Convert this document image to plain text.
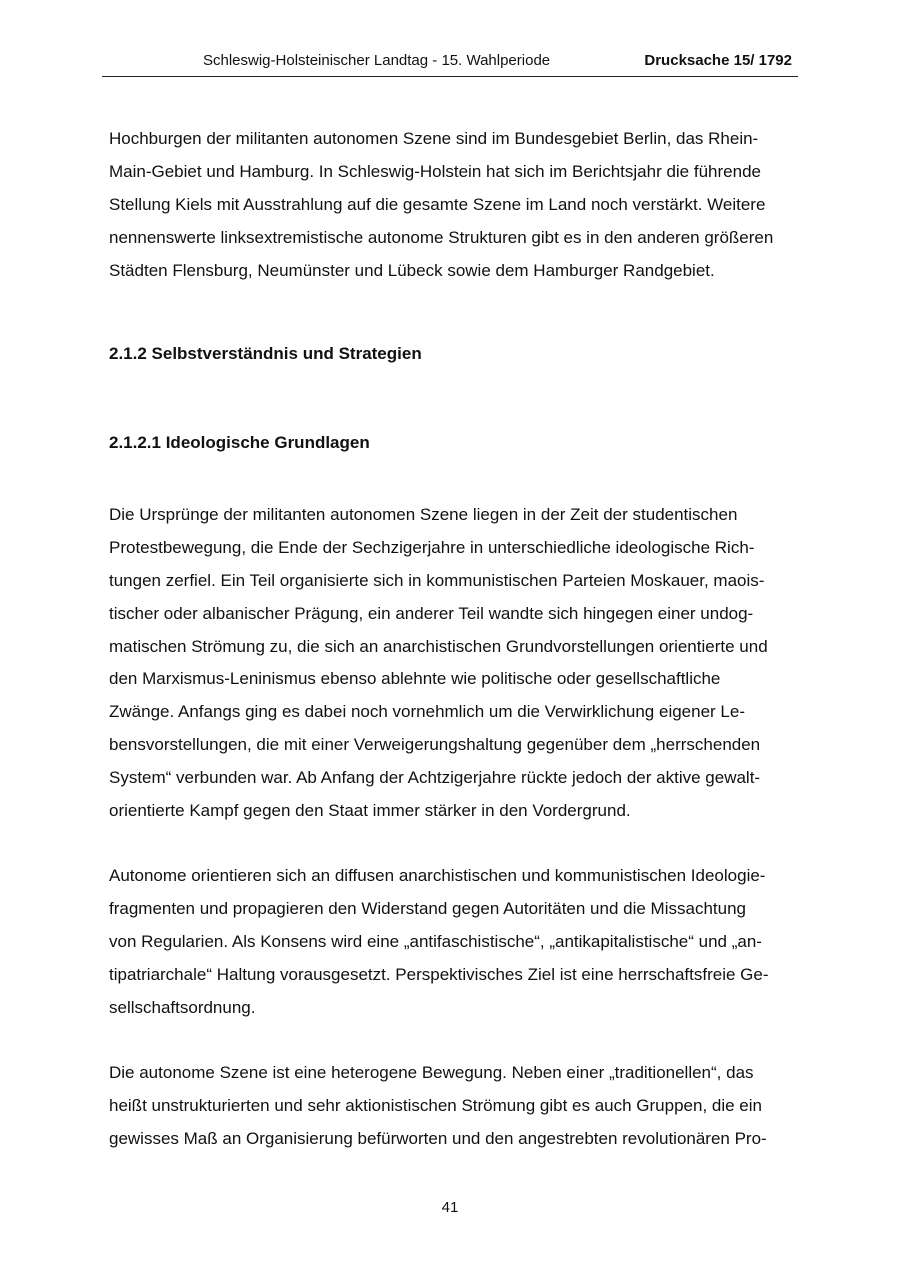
Schleswig-Holsteinischer Landtag - 15. Wahlperiode	Drucksache 15/ 1792
Hochburgen der militanten autonomen Szene sind im Bundesgebiet Berlin, das Rhein-
Main-Gebiet und Hamburg. In Schleswig-Holstein hat sich im Berichtsjahr die führende
Stellung Kiels mit Ausstrahlung auf die gesamte Szene im Land noch verstärkt. Weitere
nennenswerte linksextremistische autonome Strukturen gibt es in den anderen größeren
Städten Flensburg, Neumünster und Lübeck sowie dem Hamburger Randgebiet.
2.1.2 Selbstverständnis und Strategien
2.1.2.1 Ideologische Grundlagen
Die Ursprünge der militanten autonomen Szene liegen in der Zeit der studentischen
Protestbewegung, die Ende der Sechzigerjahre in unterschiedliche ideologische Rich-
tungen zerfiel. Ein Teil organisierte sich in kommunistischen Parteien Moskauer, maois-
tischer oder albanischer Prägung, ein anderer Teil wandte sich hingegen einer undog-
matischen Strömung zu, die sich an anarchistischen Grundvorstellungen orientierte und
den Marxismus-Leninismus ebenso ablehnte wie politische oder gesellschaftliche
Zwänge. Anfangs ging es dabei noch vornehmlich um die Verwirklichung eigener Le-
bensvorstellungen, die mit einer Verweigerungshaltung gegenüber dem „herrschenden
System“ verbunden war. Ab Anfang der Achtzigerjahre rückte jedoch der aktive gewalt-
orientierte Kampf gegen den Staat immer stärker in den Vordergrund.
Autonome orientieren sich an diffusen anarchistischen und kommunistischen Ideologie-
fragmenten und propagieren den Widerstand gegen Autoritäten und die Missachtung
von Regularien. Als Konsens wird eine „antifaschistische“, „antikapitalistische“ und „an-
tipatriarchale“ Haltung vorausgesetzt. Perspektivisches Ziel ist eine herrschaftsfreie Ge-
sellschaftsordnung.
Die autonome Szene ist eine heterogene Bewegung. Neben einer „traditionellen“, das
heißt unstrukturierten und sehr aktionistischen Strömung gibt es auch Gruppen, die ein
gewisses Maß an Organisierung befürworten und den angestrebten revolutionären Pro-
41
